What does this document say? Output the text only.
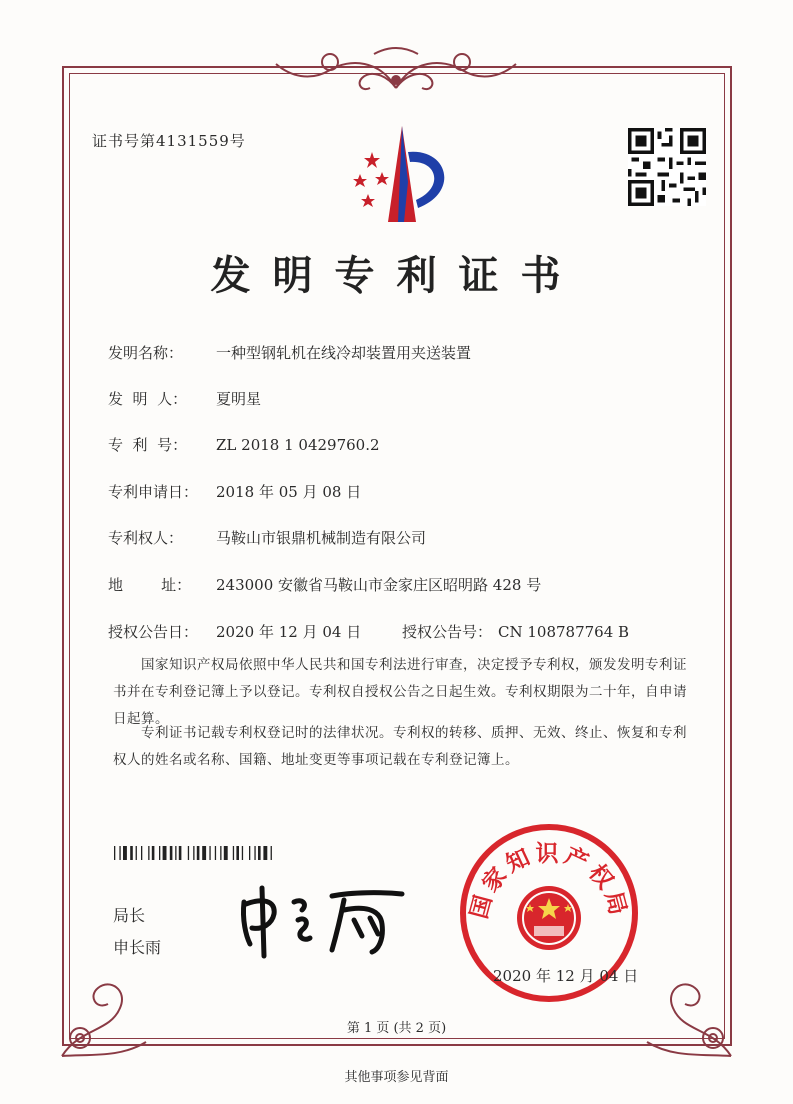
证书号第4131559号
发明专利证书
发明名称： 一种型钢轧机在线冷却装置用夹送装置
发  明  人： 夏明星
专  利  号： ZL 2018 1 0429760.2
专利申请日： 2018 年 05 月 08 日
专利权人： 马鞍山市银鼎机械制造有限公司
地        址： 243000 安徽省马鞍山市金家庄区昭明路 428 号
授权公告日： 2020 年 12 月 04 日	授权公告号： CN 108787764 B
国家知识产权局依照中华人民共和国专利法进行审查，决定授予专利权，颁发发明专利证书并在专利登记簿上予以登记。专利权自授权公告之日起生效。专利权期限为二十年，自申请日起算。
专利证书记载专利权登记时的法律状况。专利权的转移、质押、无效、终止、恢复和专利权人的姓名或名称、国籍、地址变更等事项记载在专利登记簿上。
局长
申长雨
国家知识产权局
2020 年 12 月 04 日
第 1 页 (共 2 页)
其他事项参见背面
